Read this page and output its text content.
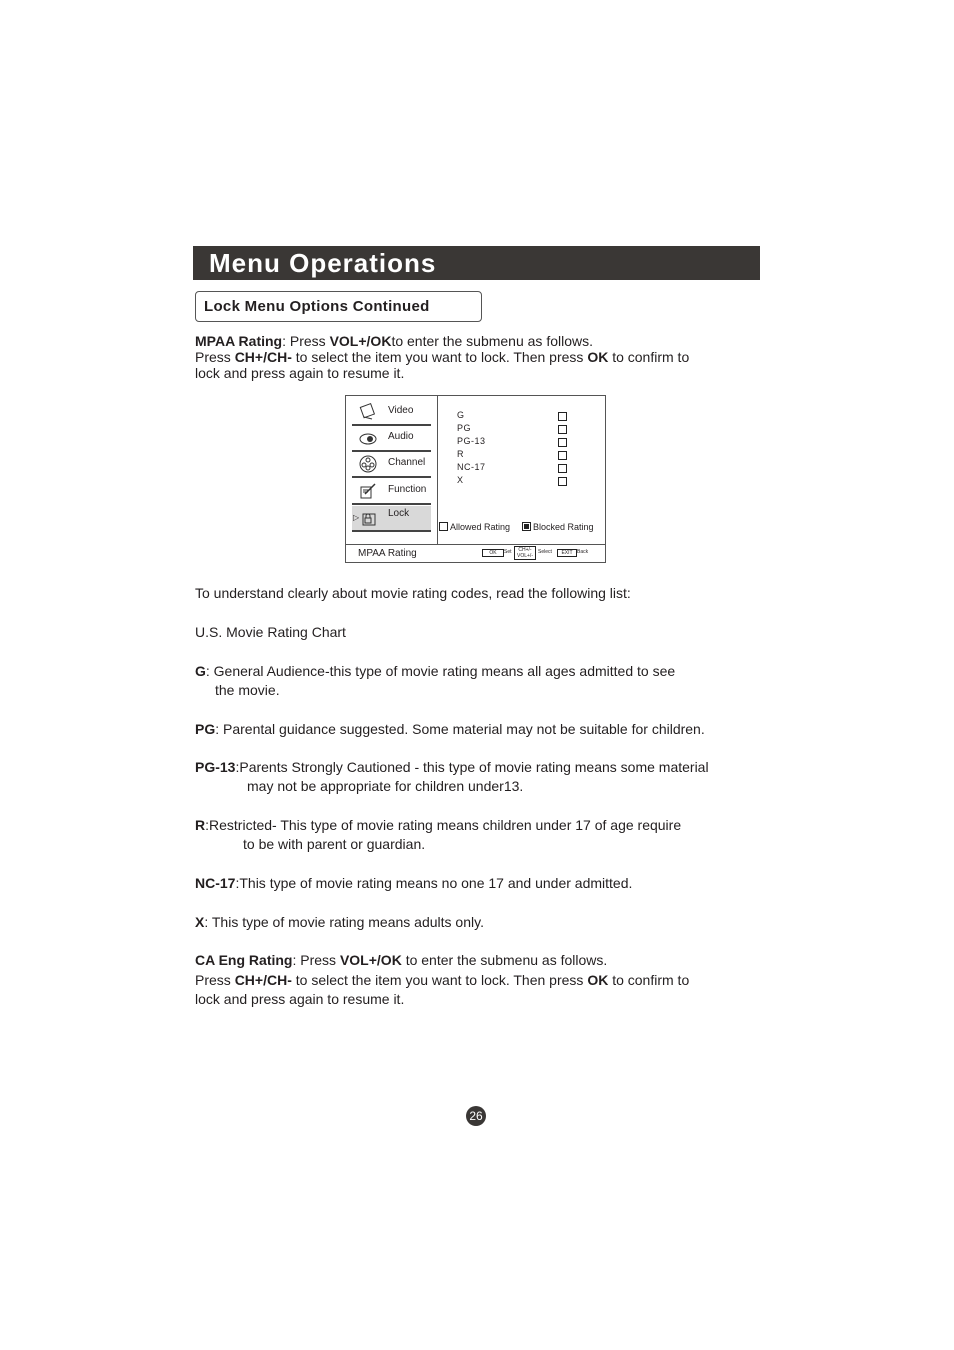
Menu Operations
Lock Menu Options Continued
MPAA Rating: Press VOL+/OKto enter the submenu as follows.
Press CH+/CH- to select the item you want to lock. Then press OK to confirm to
lock and press again to resume it.
Video
Audio
Channel
Function
Lock
▷
G
PG
PG-13
R
NC-17
X
Allowed Rating	Blocked Rating
MPAA Rating	OK	Set	CH+/- VOL+/-
Select	EXIT Back
To understand clearly about movie rating codes, read the following list:
U.S. Movie Rating Chart
G: General Audience-this type of movie rating means all ages admitted to see
the movie.
PG: Parental guidance suggested. Some material may not be suitable for children.
PG-13:Parents Strongly Cautioned - this type of movie rating means some material
may not be appropriate for children under13.
R:Restricted- This type of movie rating means children under 17 of age require
to be with parent or guardian.
NC-17:This type of movie rating means no one 17 and under admitted.
X: This type of movie rating means adults only.
CA Eng Rating: Press VOL+/OK to enter the submenu as follows.
Press CH+/CH- to select the item you want to lock. Then press OK to confirm to
lock and press again to resume it.
26
